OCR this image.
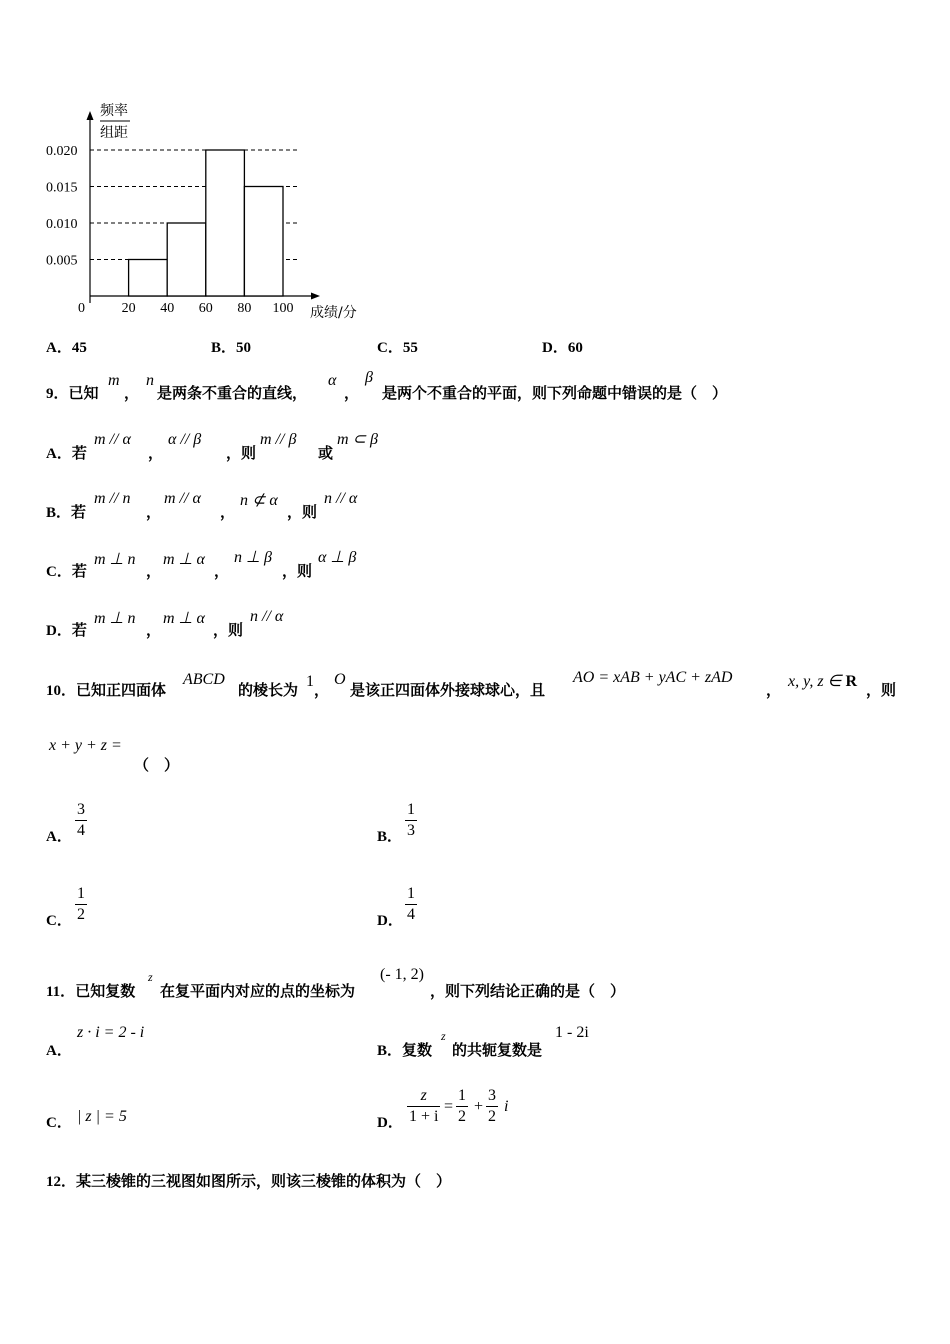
频率
组距
成绩/分
0
0.020
0.015
0.010
0.005
20 40 60 80 100
A．45	B．50	C．55	D．60
9．已知
m
，
n
是两条不重合的直线，
α
，
β
是两个不重合的平面，则下列命题中错误的是（　）
A．若
m // α
，
α // β
，则
m // β
或
m ⊂ β
B．若
m // n
，
m // α
，
n ⊄ α
，则
n // α
C．若
m ⊥ n
，
m ⊥ α
，
n ⊥ β
，则
α ⊥ β
D．若
m ⊥ n
，
m ⊥ α
，则
n // α
10．已知正四面体
ABCD
的棱长为 1 ，
O
是该正四面体外接球球心，且
AO = xAB + yAC + zAD
， x, y, z ∈ R ，则
x + y + z =
（　）
A． $\frac{3}{4}$	B． $\frac{1}{3}$
C． $\frac{1}{2}$	D． $\frac{1}{4}$
11．已知复数
z
在复平面内对应的点的坐标为
(- 1, 2)
，则下列结论正确的是（　）
A．
z · i = 2 - i
B．复数
z
的共轭复数是
1 - 2i
C． | z | = 5	D． $\frac{z}{1 + i} = \frac{1}{2} + \frac{3}{2}$ i
12．某三棱锥的三视图如图所示，则该三棱锥的体积为（　）
